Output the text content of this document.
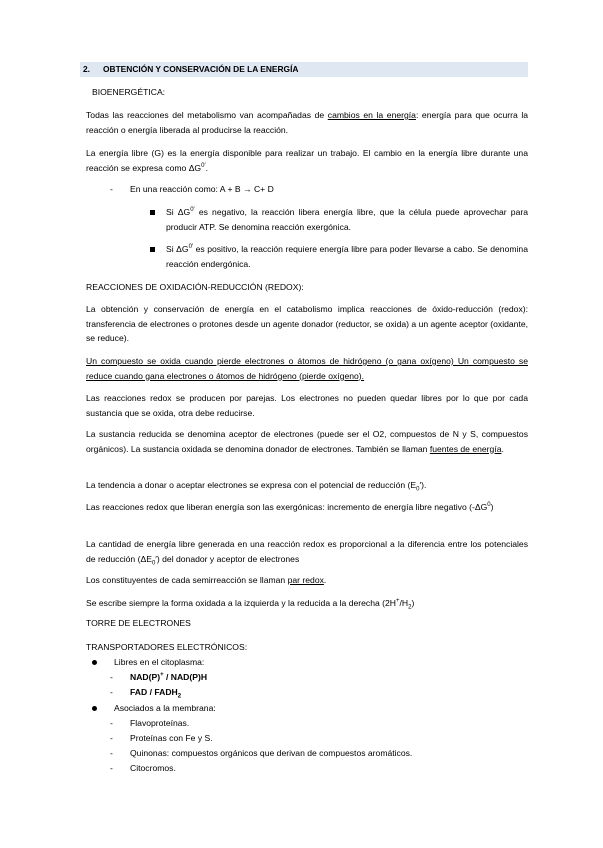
2. OBTENCIÓN Y CONSERVACIÓN DE LA ENERGÍA
BIOENERGÉTICA:
Todas las reacciones del metabolismo van acompañadas de cambios en la energía: energía para que ocurra la reacción o energía liberada al producirse la reacción.
La energía libre (G) es la energía disponible para realizar un trabajo. El cambio en la energía libre durante una reacción se expresa como $\Delta G^{0'}$.
- En una reacción como: A + B → C+ D
Si $\Delta G^{0'}$ es negativo, la reacción libera energía libre, que la célula puede aprovechar para producir ATP. Se denomina reacción exergónica.
Si $\Delta G^{0'}$ es positivo, la reacción requiere energía libre para poder llevarse a cabo. Se denomina reacción endergónica.
REACCIONES DE OXIDACIÓN-REDUCCIÓN (REDOX):
La obtención y conservación de energía en el catabolismo implica reacciones de óxido-reducción (redox): transferencia de electrones o protones desde un agente donador (reductor, se oxida) a un agente aceptor (oxidante, se reduce).
Un compuesto se oxida cuando pierde electrones o átomos de hidrógeno (o gana oxígeno) Un compuesto se reduce cuando gana electrones o átomos de hidrógeno (pierde oxígeno).
Las reacciones redox se producen por parejas. Los electrones no pueden quedar libres por lo que por cada sustancia que se oxida, otra debe reducirse.
La sustancia reducida se denomina aceptor de electrones (puede ser el O2, compuestos de N y S, compuestos orgánicos). La sustancia oxidada se denomina donador de electrones. También se llaman fuentes de energía.
La tendencia a donar o aceptar electrones se expresa con el potencial de reducción $(E_0')$.
Las reacciones redox que liberan energía son las exergónicas: incremento de energía libre negativo $(-\Delta G^0)$
La cantidad de energía libre generada en una reacción redox es proporcional a la diferencia entre los potenciales de reducción $(\Delta E_0')$ del donador y aceptor de electrones
Los constituyentes de cada semirreacción se llaman par redox.
Se escribe siempre la forma oxidada a la izquierda y la reducida a la derecha $(2H^+/H_2)$
TORRE DE ELECTRONES
TRANSPORTADORES ELECTRÓNICOS:
Libres en el citoplasma:
- NAD(P)+ / NAD(P)H
- FAD / $FADH_2$
Asociados a la membrana:
- Flavoproteínas.
- Proteínas con Fe y S.
- Quinonas: compuestos orgánicos que derivan de compuestos aromáticos.
- Citocromos.
